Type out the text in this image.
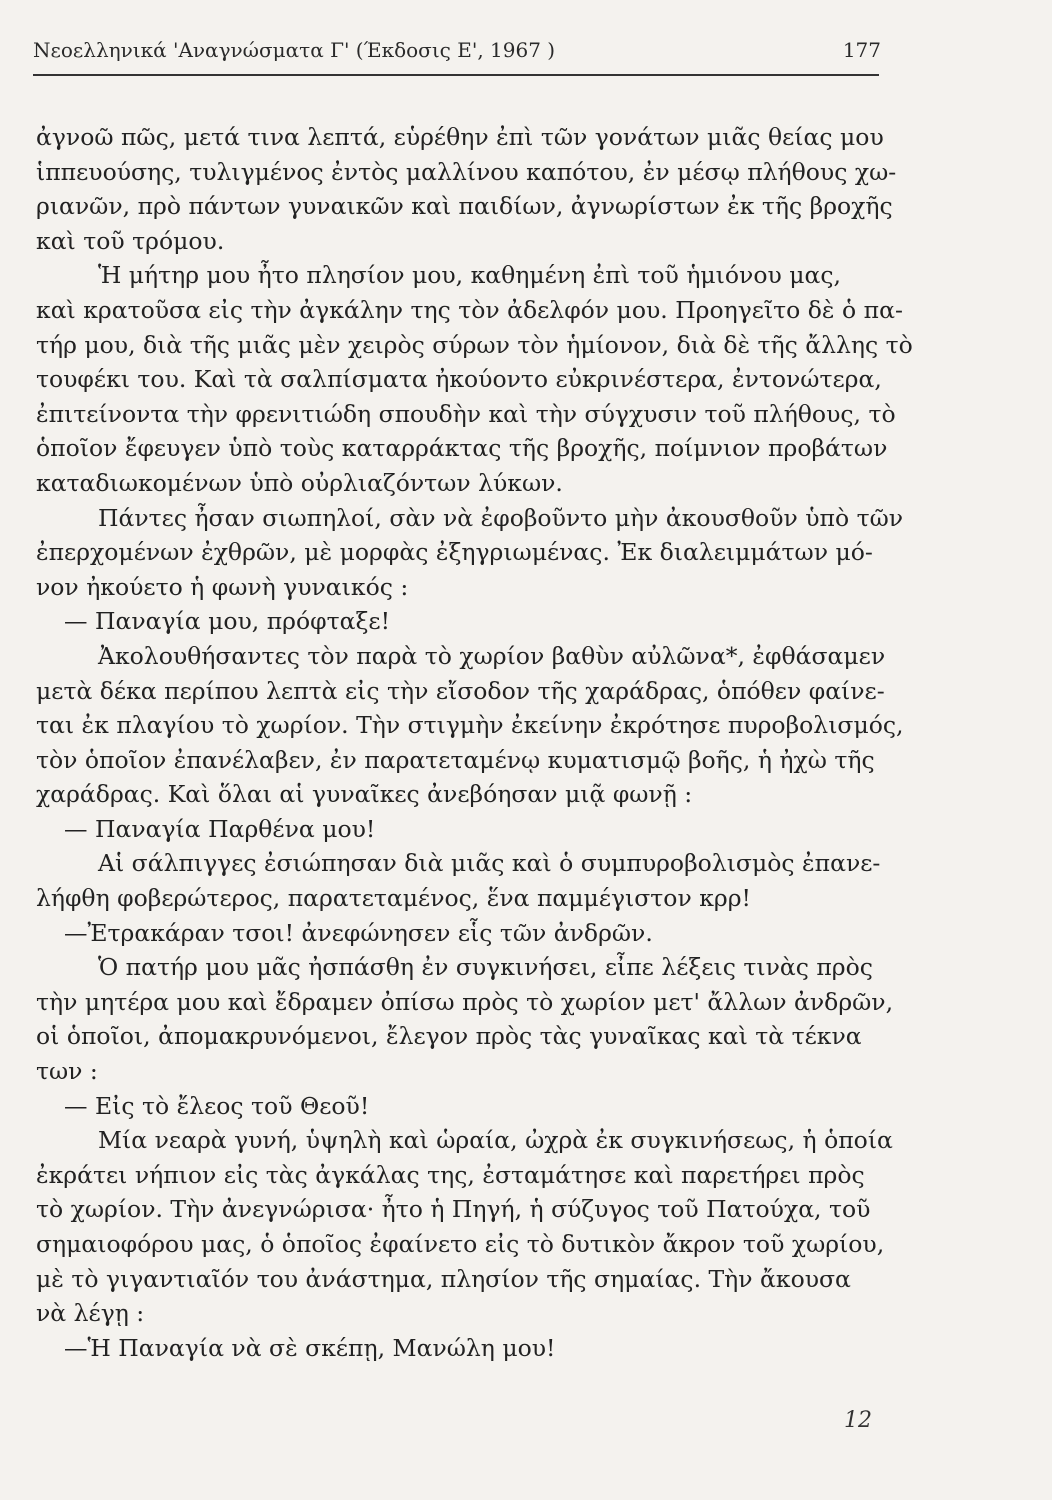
Νεοελληνικά 'Αναγνώσματα Γ' (Έκδοσις Ε', 1967 )	177
ἀγνοῶ πῶς, μετά τινα λεπτά, εὑρέθην ἐπὶ τῶν γονάτων μιᾶς θείας μου
ἱππευούσης, τυλιγμένος ἐντὸς μαλλίνου καπότου, ἐν μέσῳ πλήθους χω-
ριανῶν, πρὸ πάντων γυναικῶν καὶ παιδίων, ἀγνωρίστων ἐκ τῆς βροχῆς
καὶ τοῦ τρόμου.
Ἡ μήτηρ μου ἦτο πλησίον μου, καθημένη ἐπὶ τοῦ ἡμιόνου μας,
καὶ κρατοῦσα εἰς τὴν ἀγκάλην της τὸν ἀδελφόν μου. Προηγεῖτο δὲ ὁ πα-
τήρ μου, διὰ τῆς μιᾶς μὲν χειρὸς σύρων τὸν ἡμίονον, διὰ δὲ τῆς ἄλλης τὸ
τουφέκι του. Καὶ τὰ σαλπίσματα ἠκούοντο εὐκρινέστερα, ἐντονώτερα,
ἐπιτείνοντα τὴν φρενιτιώδη σπουδὴν καὶ τὴν σύγχυσιν τοῦ πλήθους, τὸ
ὁποῖον ἔφευγεν ὑπὸ τοὺς καταρράκτας τῆς βροχῆς, ποίμνιον προβάτων
καταδιωκομένων ὑπὸ οὐρλιαζόντων λύκων.
Πάντες ἦσαν σιωπηλοί, σὰν νὰ ἐφοβοῦντο μὴν ἀκουσθοῦν ὑπὸ τῶν
ἐπερχομένων ἐχθρῶν, μὲ μορφὰς ἐξηγριωμένας. Ἐκ διαλειμμάτων μό-
νον ἠκούετο ἡ φωνὴ γυναικός :
— Παναγία μου, πρόφταξε!
Ἀκολουθήσαντες τὸν παρὰ τὸ χωρίον βαθὺν αὐλῶνα*, ἐφθάσαμεν
μετὰ δέκα περίπου λεπτὰ εἰς τὴν εἴσοδον τῆς χαράδρας, ὁπόθεν φαίνε-
ται ἐκ πλαγίου τὸ χωρίον. Τὴν στιγμὴν ἐκείνην ἐκρότησε πυροβολισμός,
τὸν ὁποῖον ἐπανέλαβεν, ἐν παρατεταμένῳ κυματισμῷ βοῆς, ἡ ἠχὼ τῆς
χαράδρας. Καὶ ὅλαι αἱ γυναῖκες ἀνεβόησαν μιᾷ φωνῇ :
— Παναγία Παρθένα μου!
Αἱ σάλπιγγες ἐσιώπησαν διὰ μιᾶς καὶ ὁ συμπυροβολισμὸς ἐπανε-
λήφθη φοβερώτερος, παρατεταμένος, ἕνα παμμέγιστον κρρ!
—Ἐτρακάραν τσοι! ἀνεφώνησεν εἷς τῶν ἀνδρῶν.
Ὁ πατήρ μου μᾶς ἠσπάσθη ἐν συγκινήσει, εἶπε λέξεις τινὰς πρὸς
τὴν μητέρα μου καὶ ἔδραμεν ὀπίσω πρὸς τὸ χωρίον μετ' ἄλλων ἀνδρῶν,
οἱ ὁποῖοι, ἀπομακρυνόμενοι, ἔλεγον πρὸς τὰς γυναῖκας καὶ τὰ τέκνα
των :
— Εἰς τὸ ἔλεος τοῦ Θεοῦ!
Μία νεαρὰ γυνή, ὑψηλὴ καὶ ὡραία, ὠχρὰ ἐκ συγκινήσεως, ἡ ὁποία
ἐκράτει νήπιον εἰς τὰς ἀγκάλας της, ἐσταμάτησε καὶ παρετήρει πρὸς
τὸ χωρίον. Τὴν ἀνεγνώρισα· ἦτο ἡ Πηγή, ἡ σύζυγος τοῦ Πατούχα, τοῦ
σημαιοφόρου μας, ὁ ὁποῖος ἐφαίνετο εἰς τὸ δυτικὸν ἄκρον τοῦ χωρίου,
μὲ τὸ γιγαντιαῖόν του ἀνάστημα, πλησίον τῆς σημαίας. Τὴν ἄκουσα
νὰ λέγῃ :
—Ἡ Παναγία νὰ σὲ σκέπῃ, Μανώλη μου!
12
